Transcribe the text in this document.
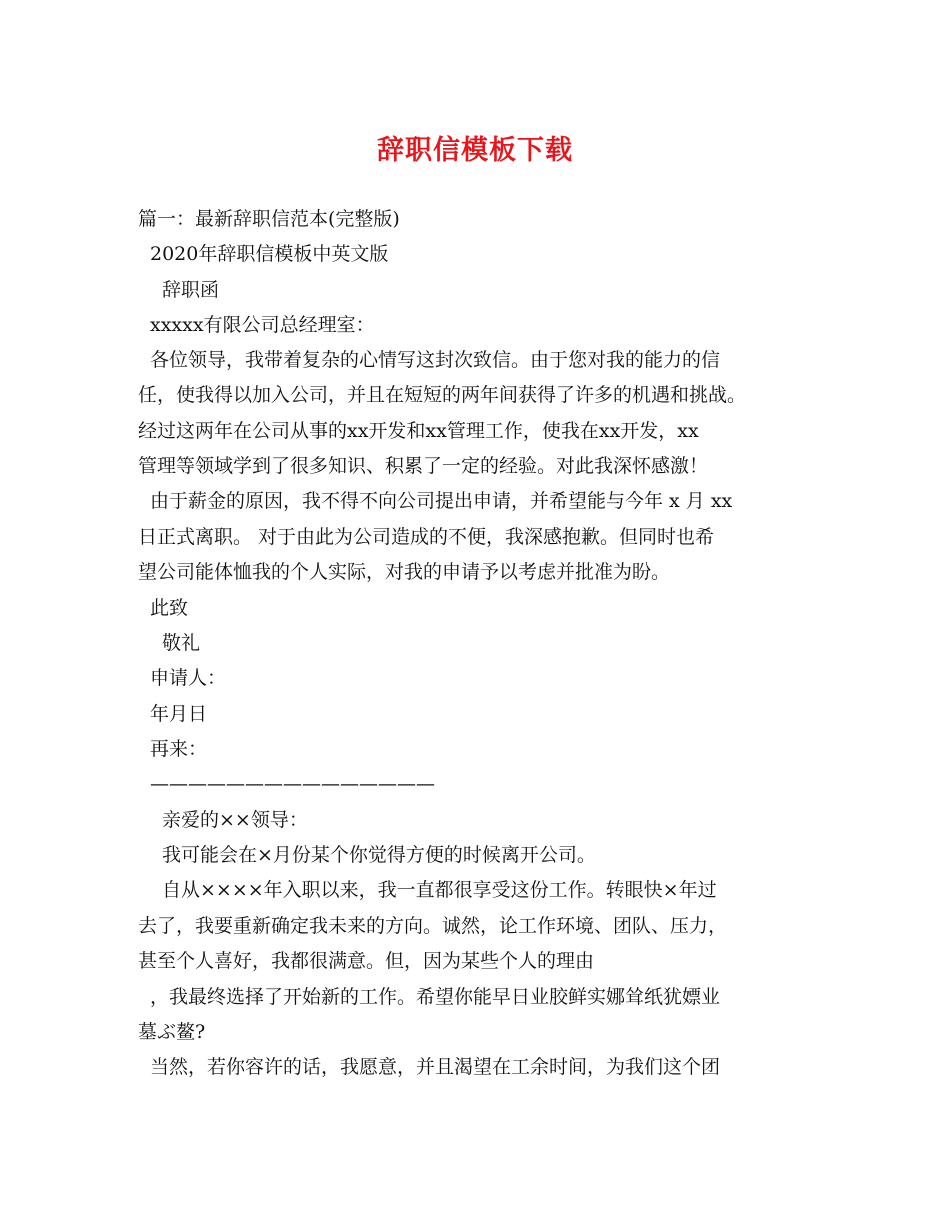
辞职信模板下载
篇一：最新辞职信范本(完整版)
2020年辞职信模板中英文版
辞职函
xxxxx有限公司总经理室：
各位领导，我带着复杂的心情写这封次致信。由于您对我的能力的信
任，使我得以加入公司，并且在短短的两年间获得了许多的机遇和挑战。
经过这两年在公司从事的xx开发和xx管理工作，使我在xx开发，xx
管理等领域学到了很多知识、积累了一定的经验。对此我深怀感激！
由于薪金的原因，我不得不向公司提出申请，并希望能与今年 x 月 xx
日正式离职。 对于由此为公司造成的不便，我深感抱歉。但同时也希
望公司能体恤我的个人实际，对我的申请予以考虑并批准为盼。
此致
敬礼
申请人：
年月日
再来：
———————————————
亲爱的××领导：
我可能会在×月份某个你觉得方便的时候离开公司。
自从××××年入职以来，我一直都很享受这份工作。转眼快×年过
去了，我要重新确定我未来的方向。诚然，论工作环境、团队、压力，
甚至个人喜好，我都很满意。但，因为某些个人的理由
，我最终选择了开始新的工作。希望你能早日业胶鲜实娜耸纸犹嫖业
墓ぶ鳌?
当然，若你容许的话，我愿意，并且渴望在工余时间，为我们这个团
